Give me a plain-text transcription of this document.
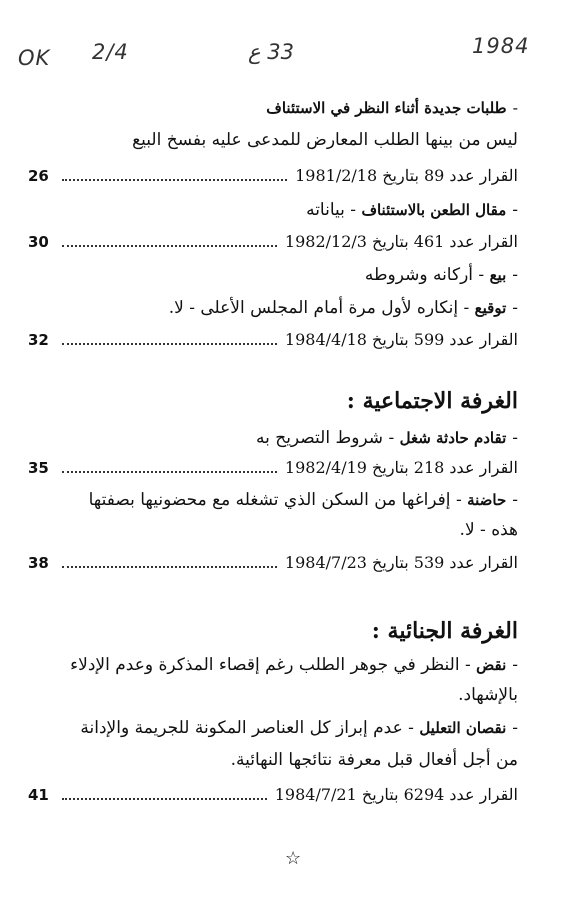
OK 2/4	33 ع	1984
-طلبات جديدة أثناء النظر في الاستئناف
ليس من بينها الطلب المعارض للمدعى عليه بفسخ البيع
القرار عدد 89 بتاريخ 1981/2/18
26
-مقال الطعن بالاستئناف - بياناته
القرار عدد 461 بتاريخ 1982/12/3
30
-بيع - أركانه وشروطه
-توقيع - إنكاره لأول مرة أمام المجلس الأعلى - لا.
القرار عدد 599 بتاريخ 1984/4/18
32
الغرفة الاجتماعية :
-تقادم حادثة شغل - شروط التصريح به
القرار عدد 218 بتاريخ 1982/4/19
35
-حاضنة - إفراغها من السكن الذي تشغله مع محضونيها بصفتها
هذه - لا.
القرار عدد 539 بتاريخ 1984/7/23
38
الغرفة الجنائية :
-نقض - النظر في جوهر الطلب رغم إقصاء المذكرة وعدم الإدلاء
بالإشهاد.
-نقصان التعليل - عدم إبراز كل العناصر المكونة للجريمة والإدانة
من أجل أفعال قبل معرفة نتائجها النهائية.
القرار عدد 6294 بتاريخ 1984/7/21
41
☆
